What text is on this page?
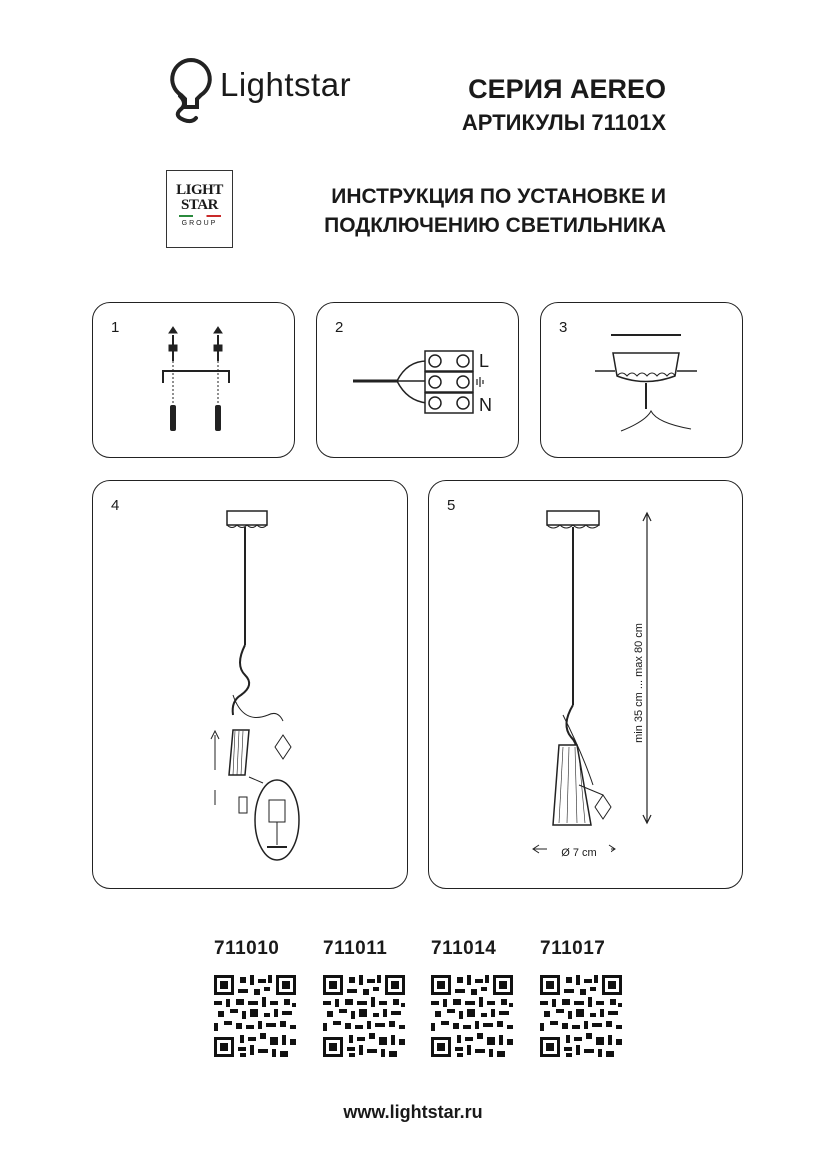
Lightstar	СЕРИЯ AEREO
АРТИКУЛЫ 71101X
LIGHT
STAR
GROUP
ИНСТРУКЦИЯ ПО УСТАНОВКЕ И
ПОДКЛЮЧЕНИЮ СВЕТИЛЬНИКА
1	2
L
N
3
4	5
min 35 cm ... max 80 cm
Ø 7 cm
711010 711011 711014 711017
www.lightstar.ru
